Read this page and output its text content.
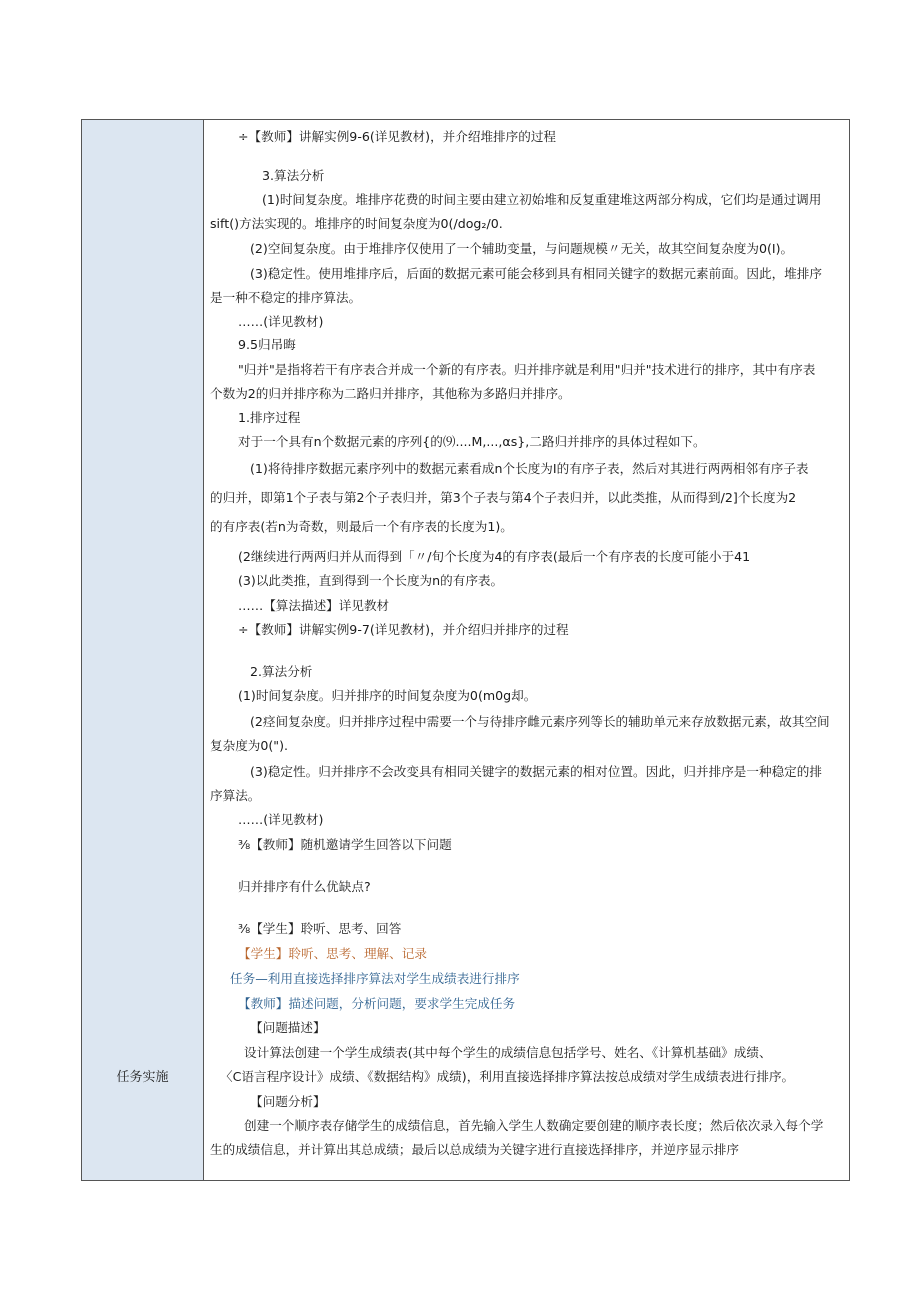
任务实施
÷【教师】讲解实例9-6(详见教材)，并介绍堆排序的过程
3.算法分析
(1)时间复杂度。堆排序花费的时间主要由建立初始堆和反复重建堆这两部分构成，它们均是通过调用
sift()方法实现的。堆排序的时间复杂度为0(/dog₂/0.
(2)空间复杂度。由于堆排序仅使用了一个辅助变量，与问题规模〃无关，故其空间复杂度为0(I)。
(3)稳定性。使用堆排序后，后面的数据元素可能会移到具有相同关键字的数据元素前面。因此，堆排序
是一种不稳定的排序算法。
……(详见教材)
9.5归吊晦
"归并"是指将若干有序表合并成一个新的有序表。归并排序就是利用"归并"技术进行的排序，其中有序表
个数为2的归并排序称为二路归并排序，其他称为多路归并排序。
1.排序过程
对于一个具有n个数据元素的序列{的⑼....M,...,αs},二路归并排序的具体过程如下。
(1)将待排序数据元素序列中的数据元素看成n个长度为I的有序子表，然后对其进行两两相邻有序子表
的归并，即第1个子表与第2个子表归并，第3个子表与第4个子表归并，以此类推，从而得到/2]个长度为2
的有序表(若n为奇数，则最后一个有序表的长度为1)。
(2继续进行两两归并从而得到「〃/旬个长度为4的有序表(最后一个有序表的长度可能小于41
(3)以此类推，直到得到一个长度为n的有序表。
……【算法描述】详见教材
÷【教师】讲解实例9-7(详见教材)，并介绍归并排序的过程
2.算法分析
(1)时间复杂度。归并排序的时间复杂度为0(m0g却。
(2痉间复杂度。归并排序过程中需要一个与待排序雌元素序列等长的辅助单元来存放数据元素，故其空间
复杂度为0(").
(3)稳定性。归并排序不会改变具有相同关键字的数据元素的相对位置。因此，归并排序是一种稳定的排
序算法。
……(详见教材)
⅜【教师】随机邀请学生回答以下问题
归并排序有什么优缺点?
⅜【学生】聆听、思考、回答
【学生】聆听、思考、理解、记录
任务—利用直接选择排序算法对学生成绩表进行排序
【教师】描述问题，分析问题，要求学生完成任务
【问题描述】
设计算法创建一个学生成绩表(其中每个学生的成绩信息包括学号、姓名、《计算机基础》成绩、
〈C语言程序设计》成绩、《数据结构》成绩)，利用直接选择排序算法按总成绩对学生成绩表进行排序。
【问题分析】
创建一个顺序表存储学生的成绩信息，首先输入学生人数确定要创建的顺序表长度；然后依次录入每个学
生的成绩信息，并计算出其总成绩；最后以总成绩为关键字进行直接选择排序，并逆序显示排序
